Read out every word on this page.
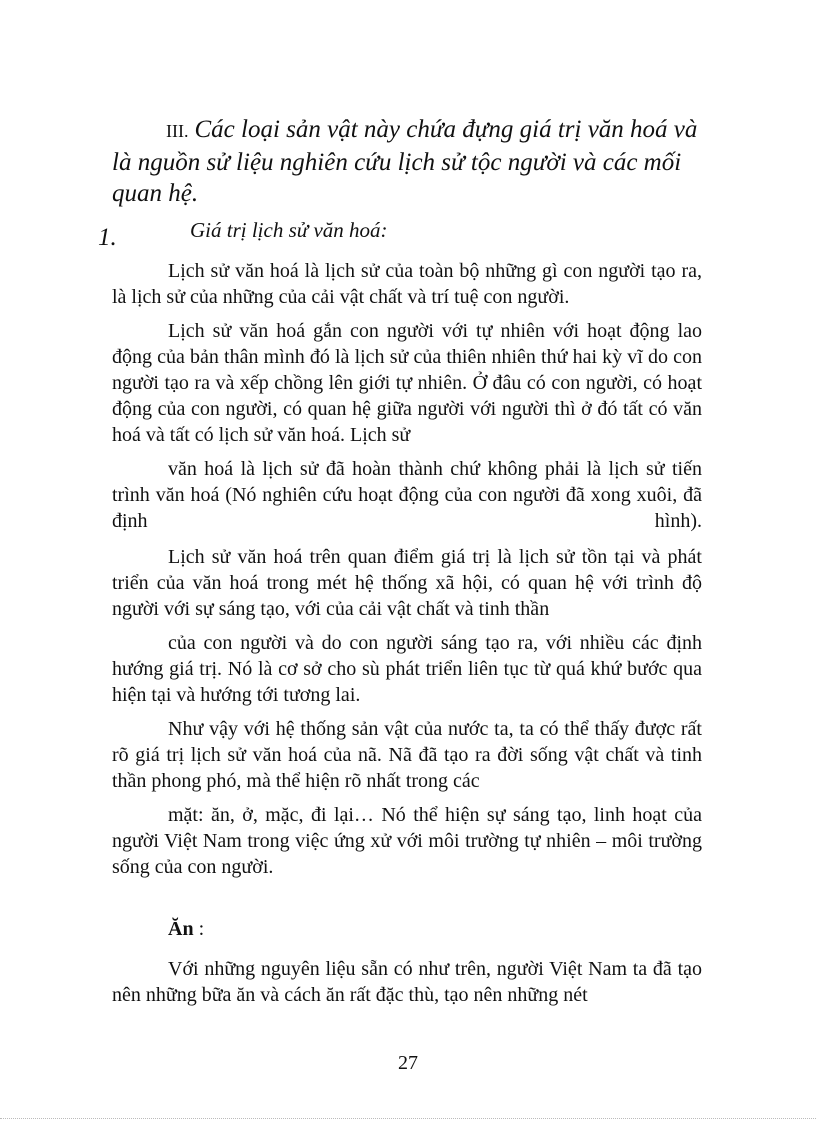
III. Các loại sản vật này chứa đựng giá trị văn hoá và là nguồn sử liệu nghiên cứu lịch sử tộc người và các mối quan hệ.
1.	Giá trị lịch sử văn hoá:

Lịch sử văn hoá là lịch sử của toàn bộ những gì con người tạo ra, là lịch sử của những của cải vật chất và trí tuệ con người.

Lịch sử văn hoá gắn con người với tự nhiên với hoạt động lao động của bản thân mình đó là lịch sử của thiên nhiên thứ hai kỳ vĩ do con người tạo ra và xếp chồng lên giới tự nhiên. Ở đâu có con người, có hoạt động của con người, có quan hệ giữa người với người thì ở đó tất có văn hoá và tất có lịch sử văn hoá. Lịch sử

văn hoá là lịch sử đã hoàn thành chứ không phải là lịch sử tiến trình văn hoá (Nó nghiên cứu hoạt động của con người đã xong xuôi, đã định hình).

Lịch sử văn hoá trên quan điểm giá trị là lịch sử tồn tại và phát triển của văn hoá trong mét hệ thống xã hội, có quan hệ với trình độ người với sự sáng tạo, với của cải vật chất và tinh thần

của con người và do con người sáng tạo ra, với nhiều các định hướng giá trị. Nó là cơ sở cho sù phát triển liên tục từ quá khứ bước qua hiện tại và hướng tới tương lai.

Như vậy với hệ thống sản vật của nước ta, ta có thể thấy được rất rõ giá trị lịch sử văn hoá của nã. Nã đã tạo ra đời sống vật chất và tinh thần phong phó, mà thể hiện rõ nhất trong các

mặt: ăn, ở, mặc, đi lại… Nó thể hiện sự sáng tạo, linh hoạt của người Việt Nam trong việc ứng xử với môi trường tự nhiên – môi trường sống của con người.

Ăn :

Với những nguyên liệu sẵn có như trên, người Việt Nam ta đã tạo nên những bữa ăn và cách ăn rất đặc thù, tạo nên những nét

27
